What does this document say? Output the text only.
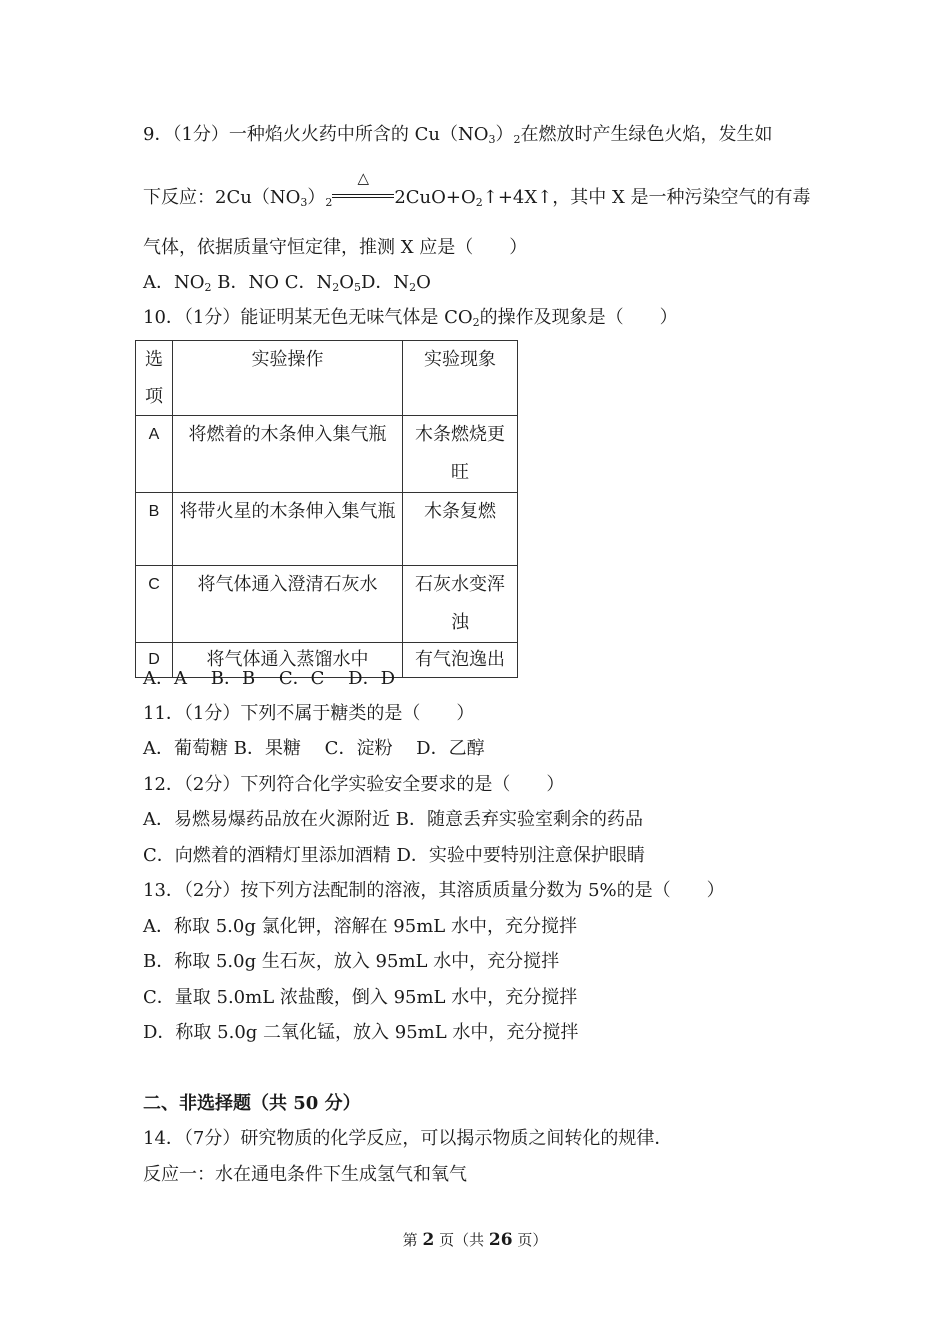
9．（1分）一种焰火火药中所含的 $Cu(NO_3)_2$在燃放时产生绿色火焰，发生如
下反应：$2Cu(NO_3)_2$
△
$2CuO+O_2↑+4X↑$，其中 X 是一种污染空气的有毒
气体，依据质量守恒定律，推测 X 应是（　　）
A．$NO_2$ B．NO C．$N_2O_5D$．$N_2O$
10．（1分）能证明某无色无味气体是 $CO_2$的操作及现象是（　　）
选项	实验操作	实验现象
A	将燃着的木条伸入集气瓶	木条燃烧更旺

B	将带火星的木条伸入集气瓶	木条复燃
C	将气体通入澄清石灰水	石灰水变浑浊

D	将气体通入蒸馏水中	有气泡逸出
A．A　 B．B　 C．C　 D．D
11．（1分）下列不属于糖类的是（　　）
A．葡萄糖 B．果糖　 C．淀粉　 D．乙醇
12．（2分）下列符合化学实验安全要求的是（　　）
A．易燃易爆药品放在火源附近 B．随意丢弃实验室剩余的药品
C．向燃着的酒精灯里添加酒精 D．实验中要特别注意保护眼睛
13．（2分）按下列方法配制的溶液，其溶质质量分数为 5%的是（　　）
A．称取 5.0g 氯化钾，溶解在 95mL 水中，充分搅拌
B．称取 5.0g 生石灰，放入 95mL 水中，充分搅拌
C．量取 5.0mL 浓盐酸，倒入 95mL 水中，充分搅拌
D．称取 5.0g 二氧化锰，放入 95mL 水中，充分搅拌
二、非选择题（共 50 分）
14．（7分）研究物质的化学反应，可以揭示物质之间转化的规律．
反应一：水在通电条件下生成氢气和氧气
第 2 页（共 26 页）
